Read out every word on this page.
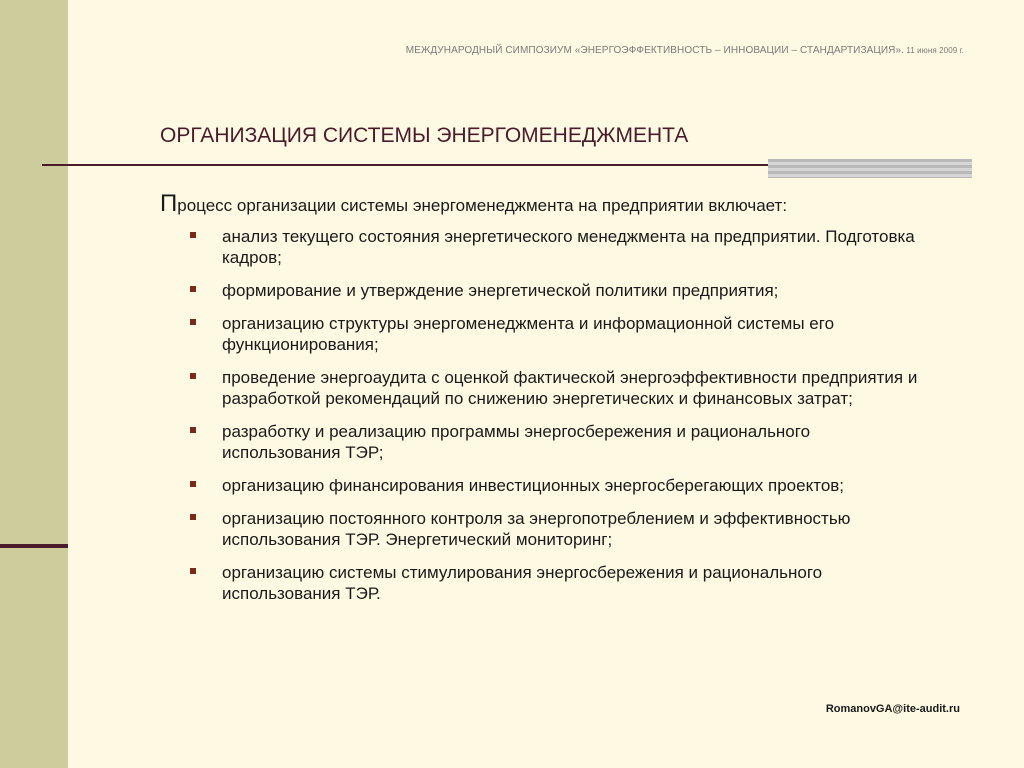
МЕЖДУНАРОДНЫЙ СИМПОЗИУМ «ЭНЕРГОЭФФЕКТИВНОСТЬ – ИННОВАЦИИ – СТАНДАРТИЗАЦИЯ». 11 июня 2009 г.
ОРГАНИЗАЦИЯ СИСТЕМЫ ЭНЕРГОМЕНЕДЖМЕНТА

Процесс организации системы энергоменеджмента на предприятии включает:

анализ текущего состояния энергетического менеджмента на предприятии. Подготовка кадров;
формирование и утверждение энергетической политики предприятия;
организацию структуры энергоменеджмента и информационной системы его функционирования;
проведение энергоаудита с оценкой фактической энергоэффективности предприятия и разработкой рекомендаций по снижению энергетических и финансовых затрат;
разработку и реализацию программы энергосбережения и рационального использования ТЭР;
организацию финансирования инвестиционных энергосберегающих проектов;
организацию постоянного контроля за энергопотреблением и эффективностью использования ТЭР. Энергетический мониторинг;
организацию системы стимулирования энергосбережения и рационального использования ТЭР.
RomanovGA@ite-audit.ru
